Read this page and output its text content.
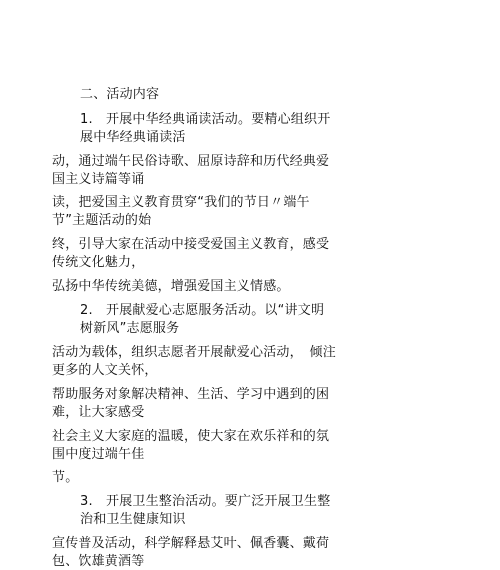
二、活动内容
1.　开展中华经典诵读活动。要精心组织开
展中华经典诵读活
动，通过端午民俗诗歌、屈原诗辞和历代经典爱
国主义诗篇等诵
读，把爱国主义教育贯穿“我们的节日〃端午
节”主题活动的始
终，引导大家在活动中接受爱国主义教育，感受
传统文化魅力，
弘扬中华传统美德，增强爱国主义情感。
2.　开展献爱心志愿服务活动。以“讲文明
树新风”志愿服务
活动为载体，组织志愿者开展献爱心活动，　倾注
更多的人文关怀，
帮助服务对象解决精神、生活、学习中遇到的困
难，让大家感受
社会主义大家庭的温暖，使大家在欢乐祥和的氛
围中度过端午佳
节。
3.　开展卫生整治活动。要广泛开展卫生整
治和卫生健康知识
宣传普及活动，科学解释悬艾叶、佩香囊、戴荷
包、饮雄黄酒等
